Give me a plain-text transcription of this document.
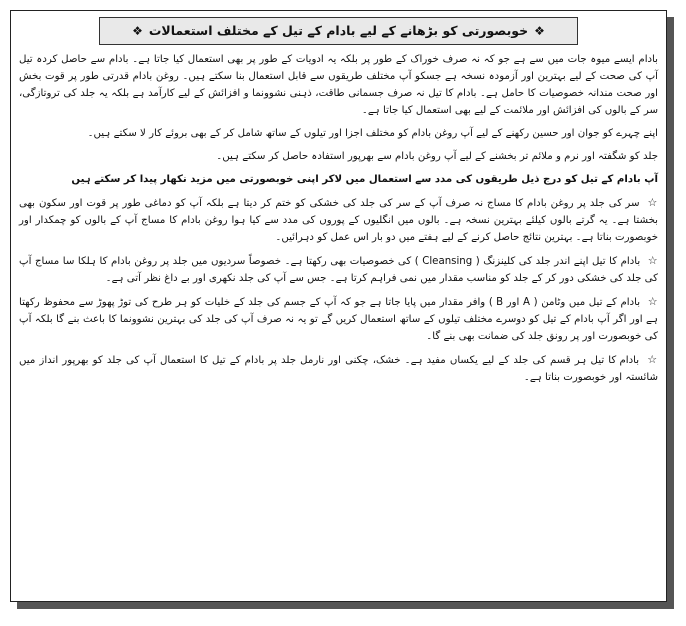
❖ خوبصورتی کو بڑھانے کے لیے بادام کے تیل کے مختلف استعمالات ❖

بادام ایسے میوہ جات میں سے ہے جو کہ نہ صرف خوراک کے طور پر بلکہ یہ ادویات کے طور پر بھی استعمال کیا جاتا ہے۔ بادام سے حاصل کردہ تیل آپ کی صحت کے لیے بہترین اور آزمودہ نسخہ ہے جسکو آپ مختلف طریقوں سے قابل استعمال بنا سکتے ہیں۔ روغن بادام قدرتی طور پر قوت بخش اور صحت مندانہ خصوصیات کا حامل ہے۔ بادام کا تیل نہ صرف جسمانی طاقت، ذہنی نشوونما و افزائش کے لیے کارآمد ہے بلکہ یہ جلد کی تروتازگی، سر کے بالوں کی افزائش اور ملائمت کے لیے بھی استعمال کیا جاتا ہے۔

اپنے چہرے کو جوان اور حسین رکھنے کے لیے آپ روغن بادام کو مختلف اجزا اور تیلوں کے ساتھ شامل کر کے بھی بروئے کار لا سکتے ہیں۔

جلد کو شگفتہ اور نرم و ملائم تر بخشنے کے لیے آپ روغن بادام سے بھرپور استفادہ حاصل کر سکتے ہیں۔

آپ بادام کے تیل کو درج ذیل طریقوں کی مدد سے استعمال میں لاکر اپنی خوبصورتی میں مزید نکھار پیدا کر سکتے ہیں

☆ سر کی جلد پر روغن بادام کا مساج نہ صرف آپ کے سر کی جلد کی خشکی کو ختم کر دیتا ہے بلکہ آپ کو دماغی طور پر قوت اور سکون بھی بخشتا ہے۔ یہ گرتے بالوں کیلئے بہترین نسخہ ہے۔ بالوں میں انگلیوں کے پوروں کی مدد سے کیا ہوا روغن بادام کا مساج آپ کے بالوں کو چمکدار اور خوبصورت بناتا ہے۔ بہترین نتائج حاصل کرنے کے لیے ہفتے میں دو بار اس عمل کو دہرائیں۔

☆ بادام کا تیل اپنے اندر جلد کی کلینزنگ ( Cleansing ) کی خصوصیات بھی رکھتا ہے۔ خصوصاً سردیوں میں جلد پر روغن بادام کا ہلکا سا مساج آپ کی جلد کی خشکی دور کر کے جلد کو مناسب مقدار میں نمی فراہم کرتا ہے۔ جس سے آپ کی جلد نکھری اور بے داغ نظر آتی ہے۔

☆ بادام کے تیل میں وٹامن ( A اور B ) وافر مقدار میں پایا جاتا ہے جو کہ آپ کے جسم کی جلد کے خلیات کو ہر طرح کی توڑ پھوڑ سے محفوظ رکھتا ہے اور اگر آپ بادام کے تیل کو دوسرے مختلف تیلوں کے ساتھ استعمال کریں گے تو یہ نہ صرف آپ کی جلد کی بہترین نشوونما کا باعث بنے گا بلکہ آپ کی خوبصورت اور پر رونق جلد کی ضمانت بھی بنے گا۔

☆ بادام کا تیل ہر قسم کی جلد کے لیے یکساں مفید ہے۔ خشک، چکنی اور نارمل جلد پر بادام کے تیل کا استعمال آپ کی جلد کو بھرپور انداز میں شائستہ اور خوبصورت بناتا ہے۔
